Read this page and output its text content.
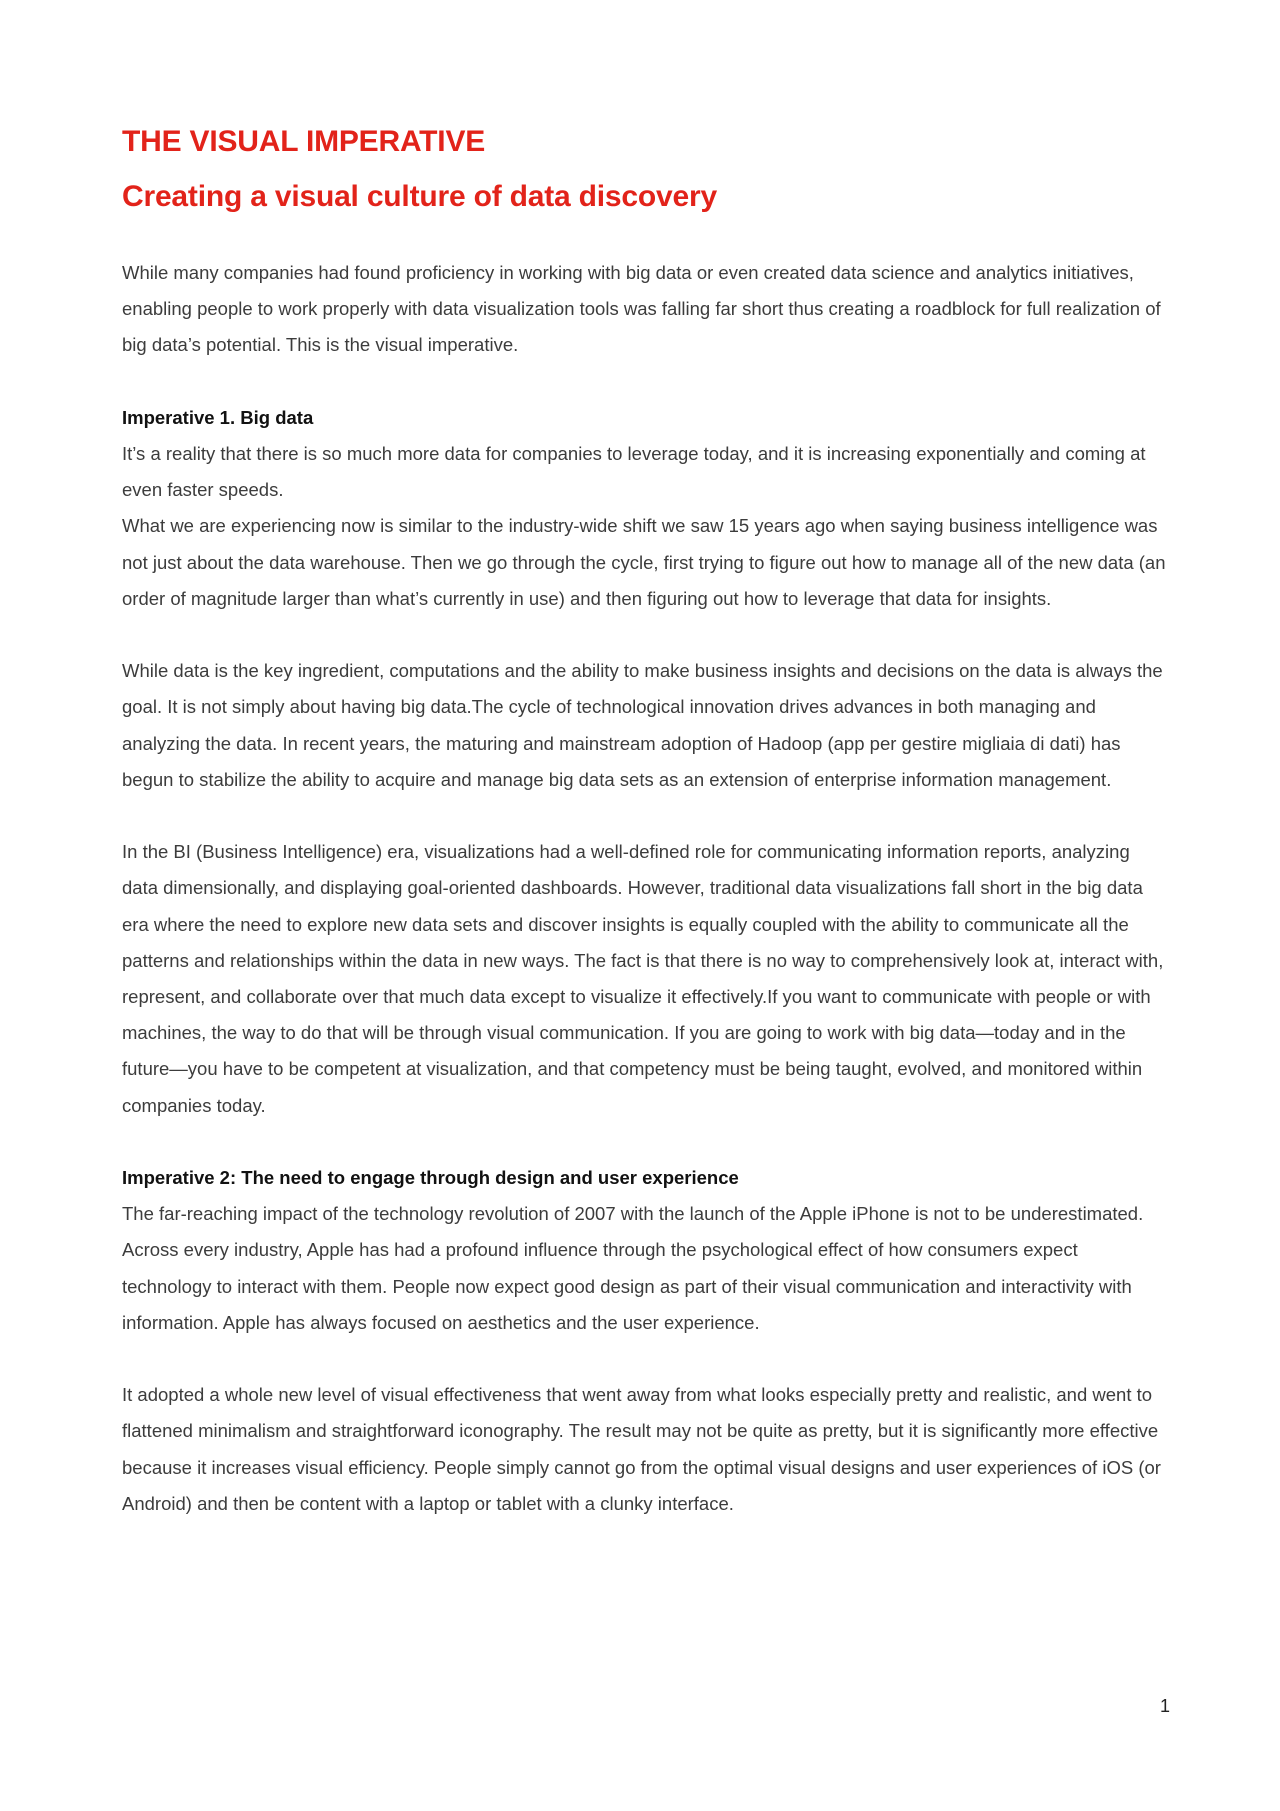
THE VISUAL IMPERATIVE
Creating a visual culture of data discovery

While many companies had found proficiency in working with big data or even created data science and analytics initiatives, enabling people to work properly with data visualization tools was falling far short thus creating a roadblock for full realization of big data’s potential. This is the visual imperative.

Imperative 1. Big data

It’s a reality that there is so much more data for companies to leverage today, and it is increasing exponentially and coming at even faster speeds.

What we are experiencing now is similar to the industry-wide shift we saw 15 years ago when saying business intelligence was not just about the data warehouse. Then we go through the cycle, first trying to figure out how to manage all of the new data (an order of magnitude larger than what’s currently in use) and then figuring out how to leverage that data for insights.

While data is the key ingredient, computations and the ability to make business insights and decisions on the data is always the goal. It is not simply about having big data.The cycle of technological innovation drives advances in both managing and analyzing the data. In recent years, the maturing and mainstream adoption of Hadoop (app per gestire migliaia di dati) has begun to stabilize the ability to acquire and manage big data sets as an extension of enterprise information management.

In the BI (Business Intelligence) era, visualizations had a well-defined role for communicating information reports, analyzing data dimensionally, and displaying goal-oriented dashboards. However, traditional data visualizations fall short in the big data era where the need to explore new data sets and discover insights is equally coupled with the ability to communicate all the patterns and relationships within the data in new ways. The fact is that there is no way to comprehensively look at, interact with, represent, and collaborate over that much data except to visualize it effectively.If you want to communicate with people or with machines, the way to do that will be through visual communication. If you are going to work with big data—today and in the future—you have to be competent at visualization, and that competency must be being taught, evolved, and monitored within companies today.

Imperative 2: The need to engage through design and user experience

The far-reaching impact of the technology revolution of 2007 with the launch of the Apple iPhone is not to be underestimated. Across every industry, Apple has had a profound influence through the psychological effect of how consumers expect technology to interact with them. People now expect good design as part of their visual communication and interactivity with information. Apple has always focused on aesthetics and the user experience.

It adopted a whole new level of visual effectiveness that went away from what looks especially pretty and realistic, and went to flattened minimalism and straightforward iconography. The result may not be quite as pretty, but it is significantly more effective because it increases visual efficiency. People simply cannot go from the optimal visual designs and user experiences of iOS (or Android) and then be content with a laptop or tablet with a clunky interface.

1
